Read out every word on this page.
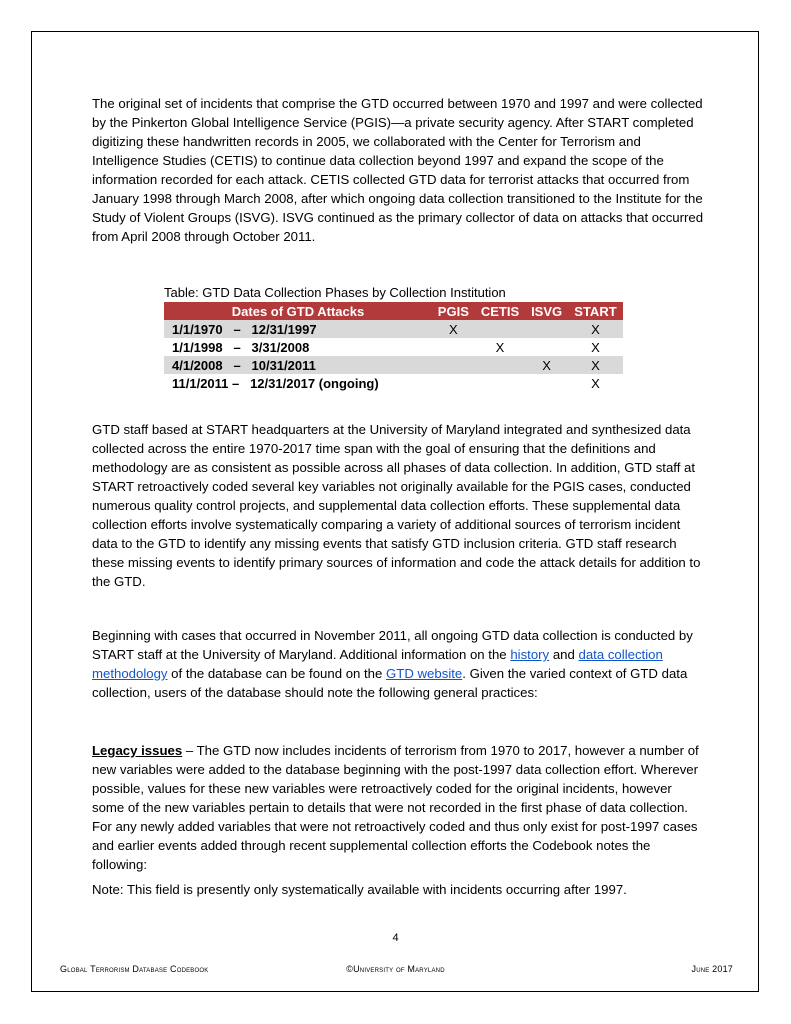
The original set of incidents that comprise the GTD occurred between 1970 and 1997 and were collected by the Pinkerton Global Intelligence Service (PGIS)—a private security agency. After START completed digitizing these handwritten records in 2005, we collaborated with the Center for Terrorism and Intelligence Studies (CETIS) to continue data collection beyond 1997 and expand the scope of the information recorded for each attack. CETIS collected GTD data for terrorist attacks that occurred from January 1998 through March 2008, after which ongoing data collection transitioned to the Institute for the Study of Violent Groups (ISVG). ISVG continued as the primary collector of data on attacks that occurred from April 2008 through October 2011.

Table: GTD Data Collection Phases by Collection Institution
Dates of GTD Attacks	PGIS	CETIS	ISVG	START
1/1/1970   –   12/31/1997	X			X
1/1/1998   –   3/31/2008		X		X
4/1/2008   –   10/31/2011			X	X
11/1/2011 –   12/31/2017 (ongoing)				X

GTD staff based at START headquarters at the University of Maryland integrated and synthesized data collected across the entire 1970-2017 time span with the goal of ensuring that the definitions and methodology are as consistent as possible across all phases of data collection. In addition, GTD staff at START retroactively coded several key variables not originally available for the PGIS cases, conducted numerous quality control projects, and supplemental data collection efforts. These supplemental data collection efforts involve systematically comparing a variety of additional sources of terrorism incident data to the GTD to identify any missing events that satisfy GTD inclusion criteria. GTD staff research these missing events to identify primary sources of information and code the attack details for addition to the GTD.

Beginning with cases that occurred in November 2011, all ongoing GTD data collection is conducted by START staff at the University of Maryland. Additional information on the history and data collection methodology of the database can be found on the GTD website. Given the varied context of GTD data collection, users of the database should note the following general practices:

Legacy issues – The GTD now includes incidents of terrorism from 1970 to 2017, however a number of new variables were added to the database beginning with the post-1997 data collection effort. Wherever possible, values for these new variables were retroactively coded for the original incidents, however some of the new variables pertain to details that were not recorded in the first phase of data collection. For any newly added variables that were not retroactively coded and thus only exist for post-1997 cases and earlier events added through recent supplemental collection efforts the Codebook notes the following:

Note: This field is presently only systematically available with incidents occurring after 1997.

4
Global Terrorism Database Codebook	©University of Maryland	June 2017
